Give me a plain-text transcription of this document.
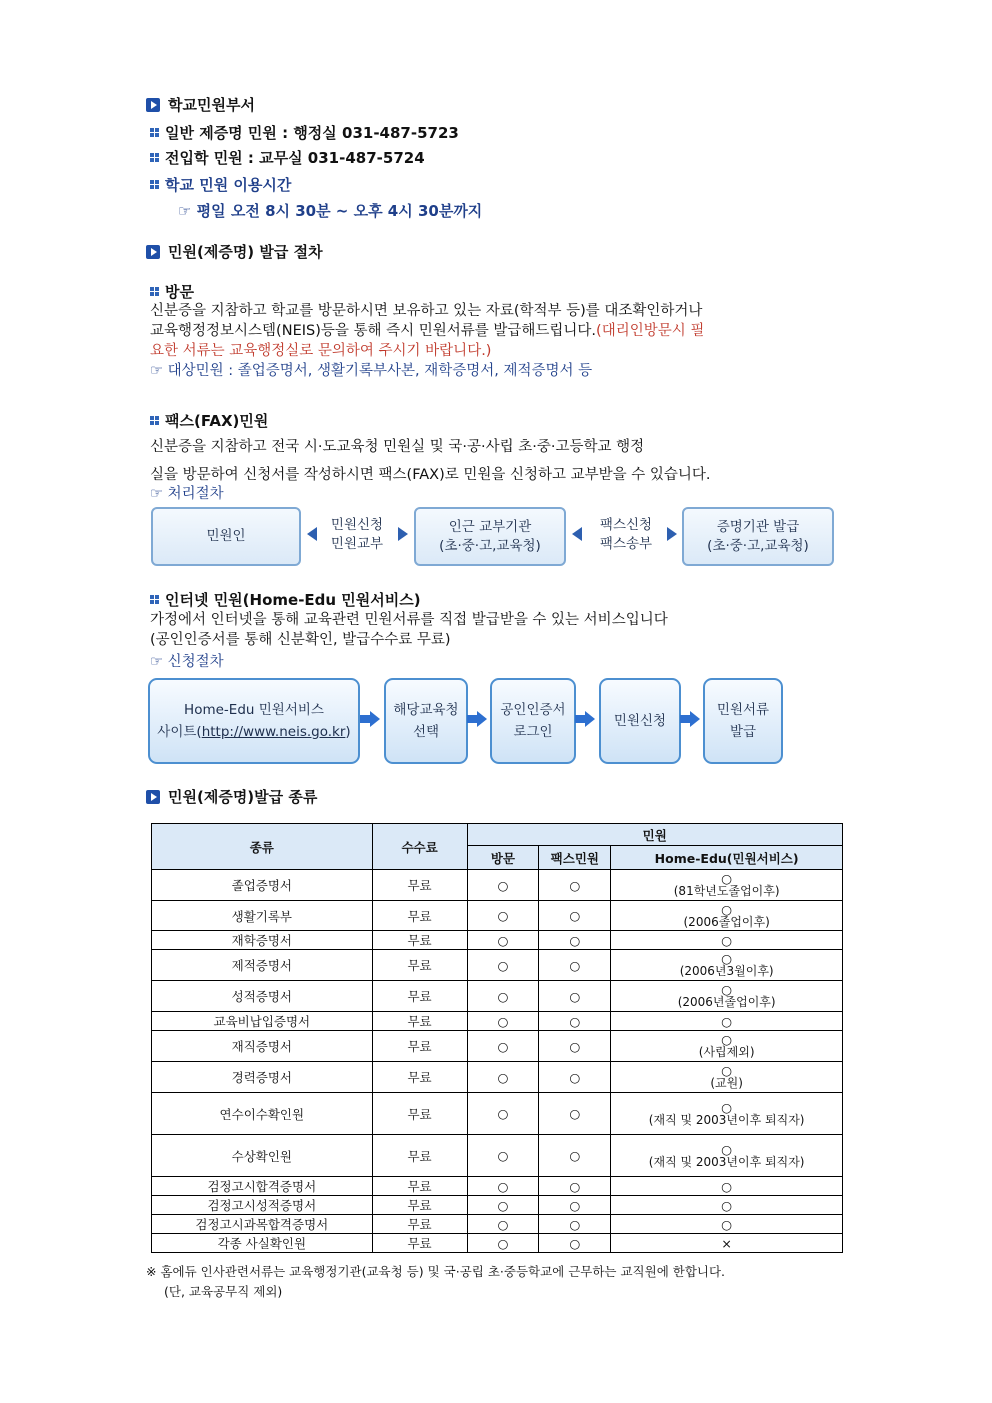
학교민원부서
일반 제증명 민원 : 행정실 031-487-5723
전입학 민원 : 교무실 031-487-5724
학교 민원 이용시간
☞ 평일 오전 8시 30분 ~ 오후 4시 30분까지
민원(제증명) 발급 절차
방문
신분증을 지참하고 학교를 방문하시면 보유하고 있는 자료(학적부 등)를 대조확인하거나
교육행정정보시스템(NEIS)등을 통해 즉시 민원서류를 발급해드립니다.(대리인방문시 필
요한 서류는 교육행정실로 문의하여 주시기 바랍니다.)
☞ 대상민원 : 졸업증명서, 생활기록부사본, 재학증명서, 제적증명서 등
팩스(FAX)민원
신분증을 지참하고 전국 시·도교육청 민원실 및 국·공·사립 초·중·고등학교 행정
실을 방문하여 신청서를 작성하시면 팩스(FAX)로 민원을 신청하고 교부받을 수 있습니다.
☞ 처리절차
민원인
민원신청
민원교부
인근 교부기관
(초·중·고,교육청)
팩스신청
팩스송부
증명기관 발급
(초·중·고,교육청)
인터넷 민원(Home-Edu 민원서비스)
가정에서 인터넷을 통해 교육관련 민원서류를 직접 발급받을 수 있는 서비스입니다
(공인인증서를 통해 신분확인, 발급수수료 무료)
☞ 신청절차
Home-Edu 민원서비스
사이트(http://www.neis.go.kr)
해당교육청
선택
공인인증서
로그인
민원신청
민원서류
발급
민원(제증명)발급 종류
종류	수수료	민원		
		방문	팩스민원	Home-Edu(민원서비스)
졸업증명서	무료	○	○	○
(81학년도졸업이후)

생활기록부	무료	○	○	○
(2006졸업이후)

재학증명서	무료	○	○	○

제적증명서	무료	○	○	○
(2006년3월이후)

성적증명서	무료	○	○	○
(2006년졸업이후)

교육비납입증명서	무료	○	○	○

재직증명서	무료	○	○	○
(사립제외)

경력증명서	무료	○	○	○
(교원)

연수이수확인원	무료	○	○	○
(재직 및 2003년이후 퇴직자)

수상확인원	무료	○	○	○
(재직 및 2003년이후 퇴직자)

검정고시합격증명서	무료	○	○	○

검정고시성적증명서	무료	○	○	○

검정고시과목합격증명서	무료	○	○	○

각종 사실확인원	무료	○	○	×
※ 홈에듀 인사관련서류는 교육행정기관(교육청 등) 및 국·공립 초·중등학교에 근무하는 교직원에 한합니다.
(단, 교육공무직 제외)
